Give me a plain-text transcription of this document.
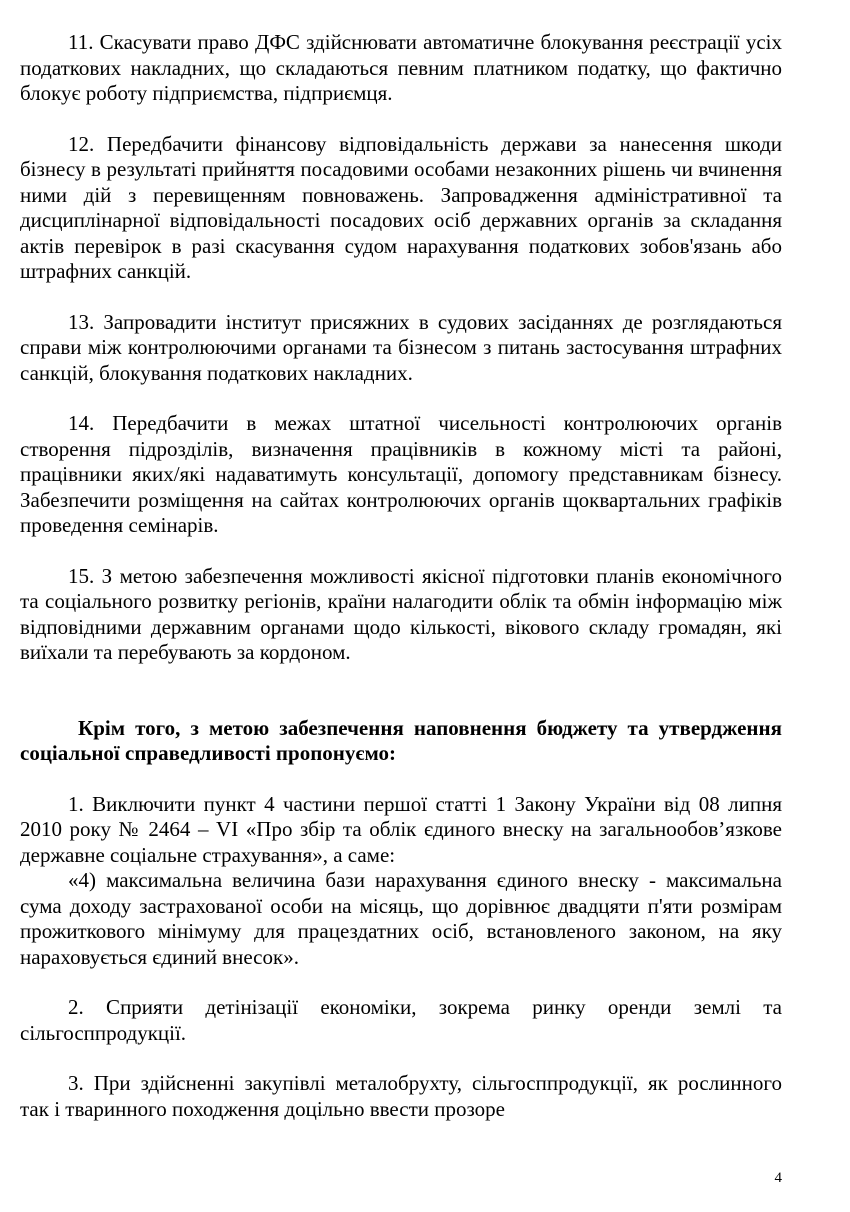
11. Скасувати право ДФС здійснювати автоматичне блокування реєстрації усіх податкових накладних, що складаються певним платником податку, що фактично блокує роботу підприємства, підприємця.

12. Передбачити фінансову відповідальність держави за нанесення шкоди бізнесу в результаті прийняття посадовими особами незаконних рішень чи вчинення ними дій з перевищенням повноважень. Запровадження адміністративної та дисциплінарної відповідальності посадових осіб державних органів за складання актів перевірок в разі скасування судом нарахування податкових зобов'язань або штрафних санкцій.

13. Запровадити інститут присяжних в судових засіданнях де розглядаються справи між контролюючими органами та бізнесом з питань застосування штрафних санкцій, блокування податкових накладних.

14. Передбачити в межах штатної чисельності контролюючих органів створення підрозділів, визначення працівників в кожному місті та районі, працівники яких/які надаватимуть консультації, допомогу представникам бізнесу. Забезпечити розміщення на сайтах контролюючих органів щоквартальних графіків проведення семінарів.

15. З метою забезпечення можливості якісної підготовки планів економічного та соціального розвитку регіонів, країни налагодити облік та обмін інформацію між відповідними державним органами щодо кількості, вікового складу громадян, які виїхали та перебувають за кордоном.

Крім того, з метою забезпечення наповнення бюджету та утвердження соціальної справедливості пропонуємо:

1. Виключити пункт 4 частини першої статті 1 Закону України від 08 липня 2010 року № 2464 – VI «Про збір та облік єдиного внеску на загальнообов’язкове державне соціальне страхування», а саме:

«4) максимальна величина бази нарахування єдиного внеску - максимальна сума доходу застрахованої особи на місяць, що дорівнює двадцяти п'яти розмірам прожиткового мінімуму для працездатних осіб, встановленого законом, на яку нараховується єдиний внесок».

2. Сприяти детінізації економіки, зокрема ринку оренди землі та сільгосппродукції.

3. При здійсненні закупівлі металобрухту, сільгосппродукції, як рослинного так і тваринного походження доцільно ввести прозоре

4
